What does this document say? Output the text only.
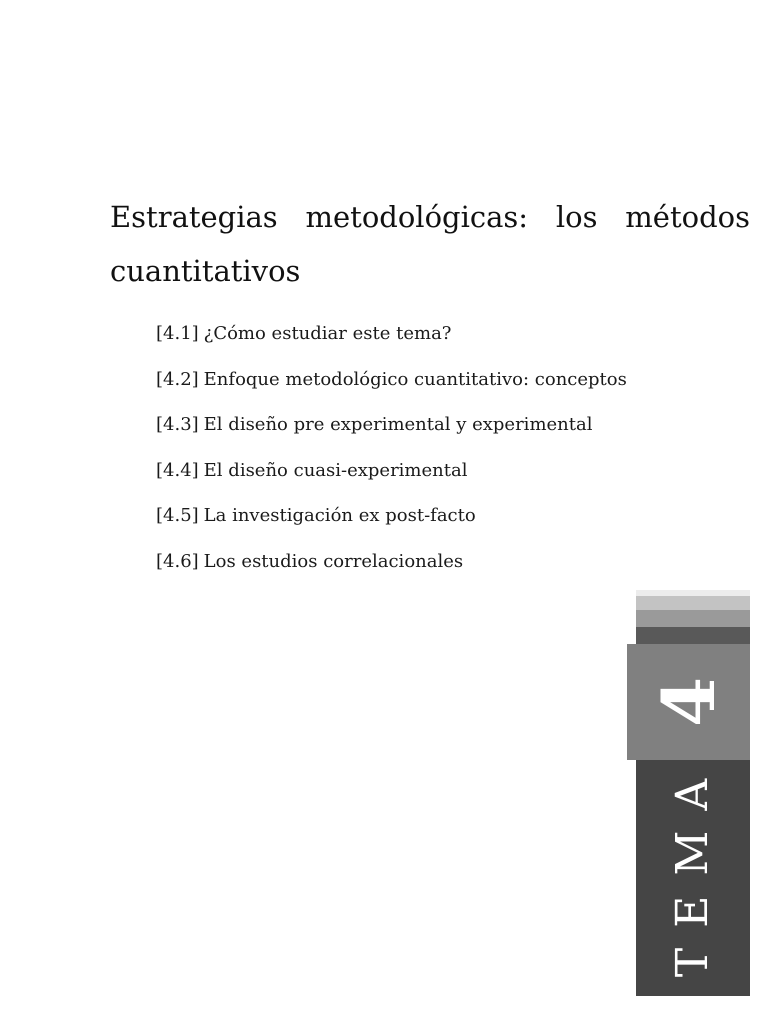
Estrategias metodológicas: los métodos cuantitativos
[4.1] ¿Cómo estudiar este tema?
[4.2] Enfoque metodológico cuantitativo: conceptos
[4.3] El diseño pre experimental y experimental
[4.4] El diseño cuasi-experimental
[4.5] La investigación ex post-facto
[4.6] Los estudios correlacionales
4
TEMA
